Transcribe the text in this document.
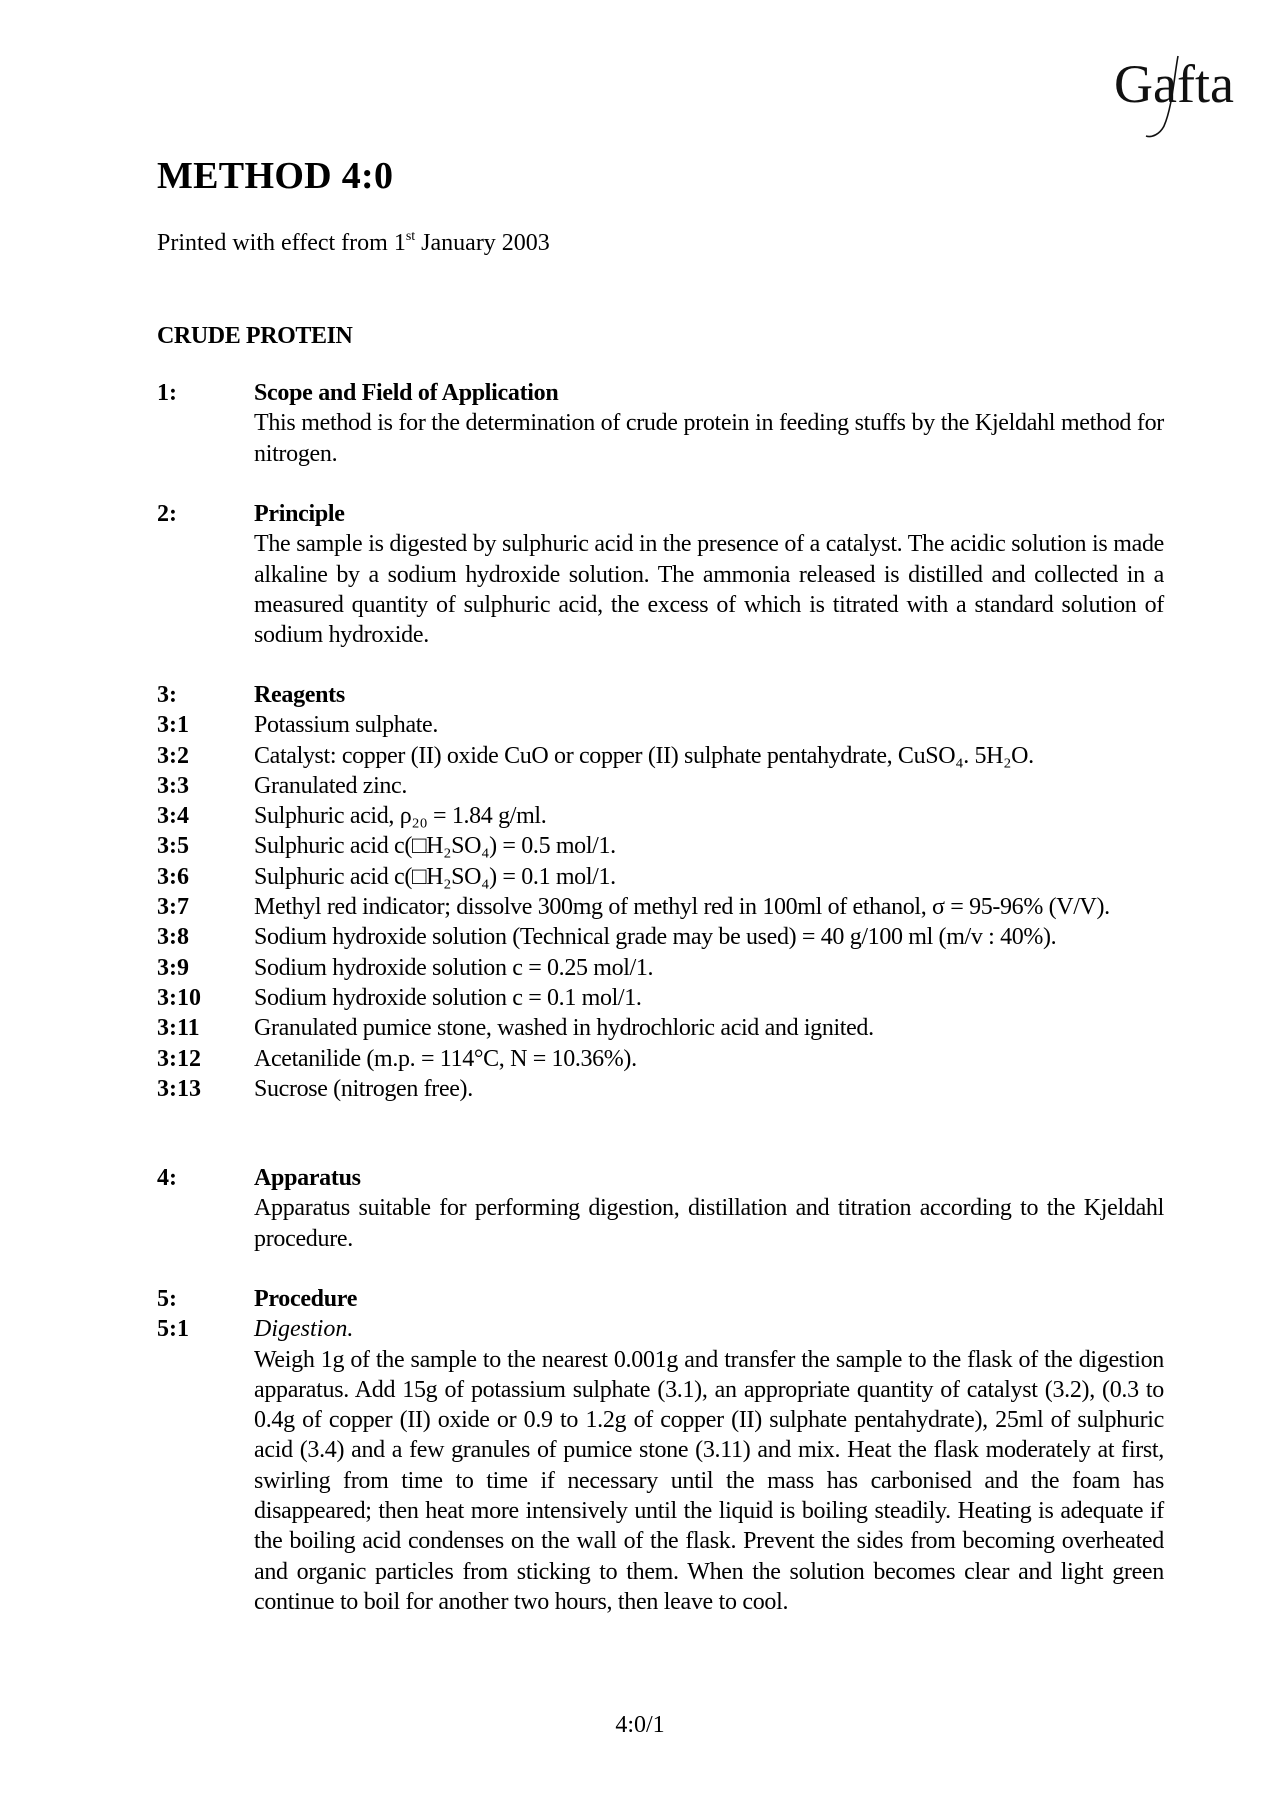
Gafta
METHOD 4:0
Printed with effect from 1st January 2003
CRUDE PROTEIN
1:	Scope and Field of Application
This method is for the determination of crude protein in feeding stuffs by the Kjeldahl method for nitrogen.
2:	Principle
The sample is digested by sulphuric acid in the presence of a catalyst. The acidic solution is made alkaline by a sodium hydroxide solution. The ammonia released is distilled and collected in a measured quantity of sulphuric acid, the excess of which is titrated with a standard solution of sodium hydroxide.
3:	Reagents
3:1	Potassium sulphate.
3:2	Catalyst: copper (II) oxide CuO or copper (II) sulphate pentahydrate, CuSO₄. 5H₂O.
3:3	Granulated zinc.
3:4	Sulphuric acid, ρ₂₀ = 1.84 g/ml.
3:5	Sulphuric acid c(□H₂SO₄) = 0.5 mol/1.
3:6	Sulphuric acid c(□H₂SO₄) = 0.1 mol/1.
3:7	Methyl red indicator; dissolve 300mg of methyl red in 100ml of ethanol, σ = 95-96% (V/V).
3:8	Sodium hydroxide solution (Technical grade may be used) = 40 g/100 ml (m/v : 40%).
3:9	Sodium hydroxide solution c = 0.25 mol/1.
3:10 Sodium hydroxide solution c = 0.1 mol/1.
3:11 Granulated pumice stone, washed in hydrochloric acid and ignited.
3:12 Acetanilide (m.p. = 114°C, N = 10.36%).
3:13 Sucrose (nitrogen free).
4:	Apparatus
Apparatus suitable for performing digestion, distillation and titration according to the Kjeldahl procedure.
5:	Procedure
5:1	Digestion.
Weigh 1g of the sample to the nearest 0.001g and transfer the sample to the flask of the digestion apparatus. Add 15g of potassium sulphate (3.1), an appropriate quantity of catalyst (3.2), (0.3 to 0.4g of copper (II) oxide or 0.9 to 1.2g of copper (II) sulphate pentahydrate), 25ml of sulphuric acid (3.4) and a few granules of pumice stone (3.11) and mix. Heat the flask moderately at first, swirling from time to time if necessary until the mass has carbonised and the foam has disappeared; then heat more intensively until the liquid is boiling steadily. Heating is adequate if the boiling acid condenses on the wall of the flask. Prevent the sides from becoming overheated and organic particles from sticking to them. When the solution becomes clear and light green continue to boil for another two hours, then leave to cool.
4:0/1
